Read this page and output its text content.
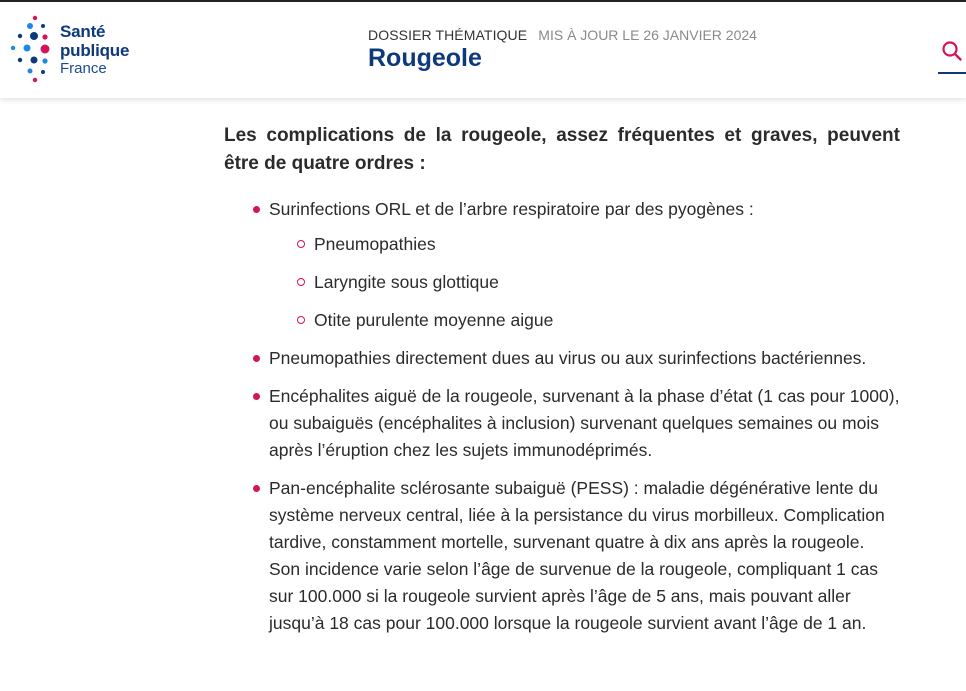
Santé
publique
France
DOSSIER THÉMATIQUE MIS À JOUR LE 26 JANVIER 2024
Rougeole

Les complications de la rougeole, assez fréquentes et graves, peuvent être de quatre ordres :

Surinfections ORL et de l’arbre respiratoire par des pyogènes :
Pneumopathies
Laryngite sous glottique
Otite purulente moyenne aigue
Pneumopathies directement dues au virus ou aux surinfections bactériennes.
Encéphalites aiguë de la rougeole, survenant à la phase d’état (1 cas pour 1000), ou subaiguës (encéphalites à inclusion) survenant quelques semaines ou mois après l’éruption chez les sujets immunodéprimés.
Pan-encéphalite sclérosante subaiguë (PESS) : maladie dégénérative lente du système nerveux central, liée à la persistance du virus morbilleux. Complication tardive, constamment mortelle, survenant quatre à dix ans après la rougeole. Son incidence varie selon l’âge de survenue de la rougeole, compliquant 1 cas sur 100.000 si la rougeole survient après l’âge de 5 ans, mais pouvant aller jusqu’à 18 cas pour 100.000 lorsque la rougeole survient avant l’âge de 1 an.
